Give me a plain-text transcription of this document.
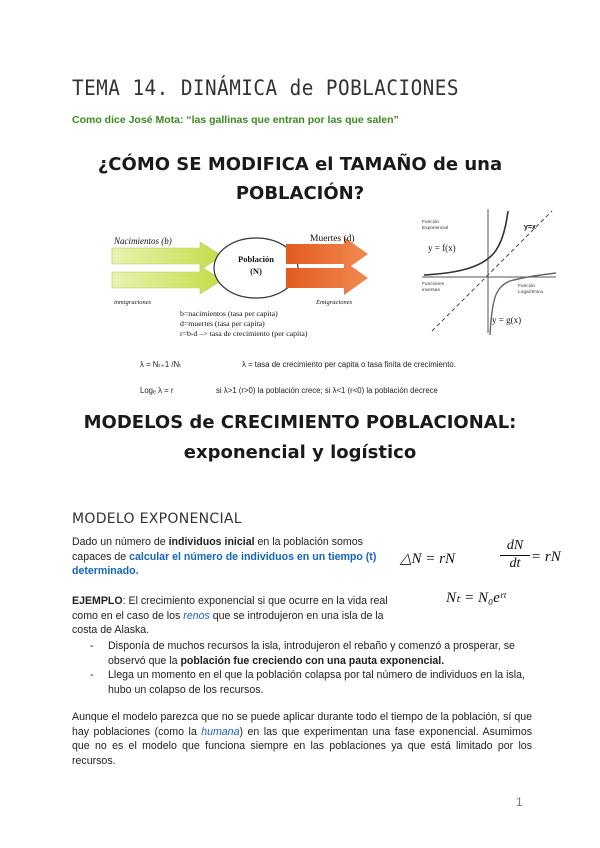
TEMA 14. DINÁMICA de POBLACIONES
Como dice José Mota: “las gallinas que entran por las que salen”
¿CÓMO SE MODIFICA el TAMAÑO de una
POBLACIÓN?
Nacimientos (b)
inmigraciones
Población
(N)
Muertes (d)
Emigraciones
b=nacimientos (tasa per capita)
d=muertes (tasa per capita)
r=b-d –> tasa de crecimiento (per capita)
Función
Exponencial
y = f(x)
y=x
Funciones
inversas
Función
Logarítmica
y = g(x)
λ = Nₜ₊1 /Nₜ	λ = tasa de crecimiento per capita o tasa finita de crecimiento.
Logₑ λ = r	si λ>1 (r>0) la población crece; si λ<1 (r<0) la población decrece
MODELOS de CRECIMIENTO POBLACIONAL:
exponencial y logístico
MODELO EXPONENCIAL
Dado un número de individuos inicial en la población somos capaces de calcular el número de individuos en un tiempo (t) determinado.
△N = rN	$\frac{dN}{dt}$ = rN
Nₜ = N₀eʳᵗ
EJEMPLO: El crecimiento exponencial si que ocurre en la vida real como en el caso de los renos que se introdujeron en una isla de la costa de Alaska.
- Disponía de muchos recursos la isla, introdujeron el rebaño y comenzó a prosperar, se observó que la población fue creciendo con una pauta exponencial.
- Llega un momento en el que la población colapsa por tal número de individuos en la isla, hubo un colapso de los recursos.
Aunque el modelo parezca que no se puede aplicar durante todo el tiempo de la población, sí que hay poblaciones (como la humana) en las que experimentan una fase exponencial. Asumimos que no es el modelo que funciona siempre en las poblaciones ya que está limitado por los recursos.
1
